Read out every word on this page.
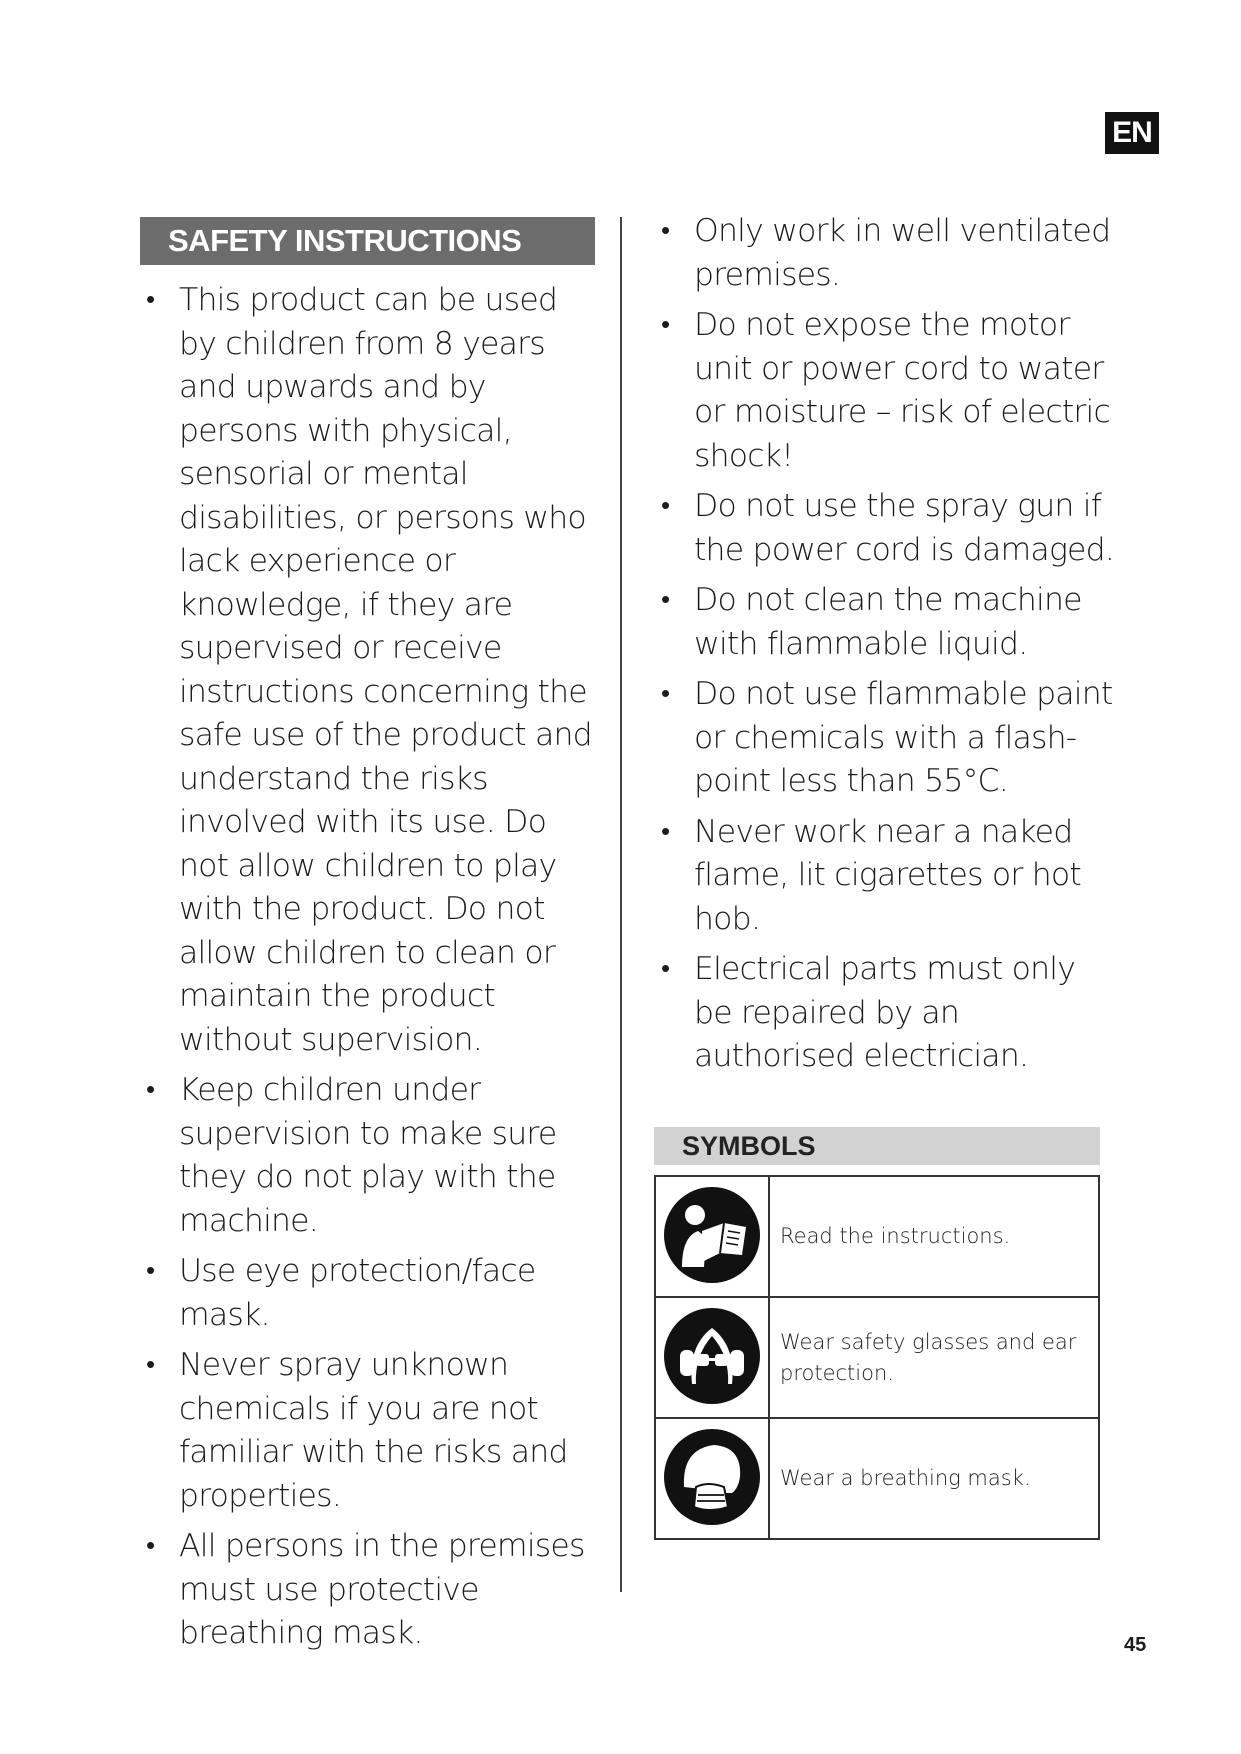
EN
SAFETY INSTRUCTIONS
• This product can be used by children from 8 years and upwards and by persons with physical, sensorial or mental disabilities, or persons who lack experience or knowledge, if they are supervised or receive instructions concerning the safe use of the product and understand the risks involved with its use. Do not allow children to play with the product. Do not allow children to clean or maintain the product without supervision.
• Keep children under supervision to make sure they do not play with the machine.
• Use eye protection/face mask.
• Never spray unknown chemicals if you are not familiar with the risks and properties.
• All persons in the premises must use protective breathing mask.
• Only work in well ventilated premises.
• Do not expose the motor unit or power cord to water or moisture – risk of electric shock!
• Do not use the spray gun if the power cord is damaged.
• Do not clean the machine with flammable liquid.
• Do not use flammable paint or chemicals with a flash-point less than 55°C.
• Never work near a naked flame, lit cigarettes or hot hob.
• Electrical parts must only be repaired by an authorised electrician.
SYMBOLS
	Read the instructions.
	Wear safety glasses and ear protection.
	Wear a breathing mask.
45
